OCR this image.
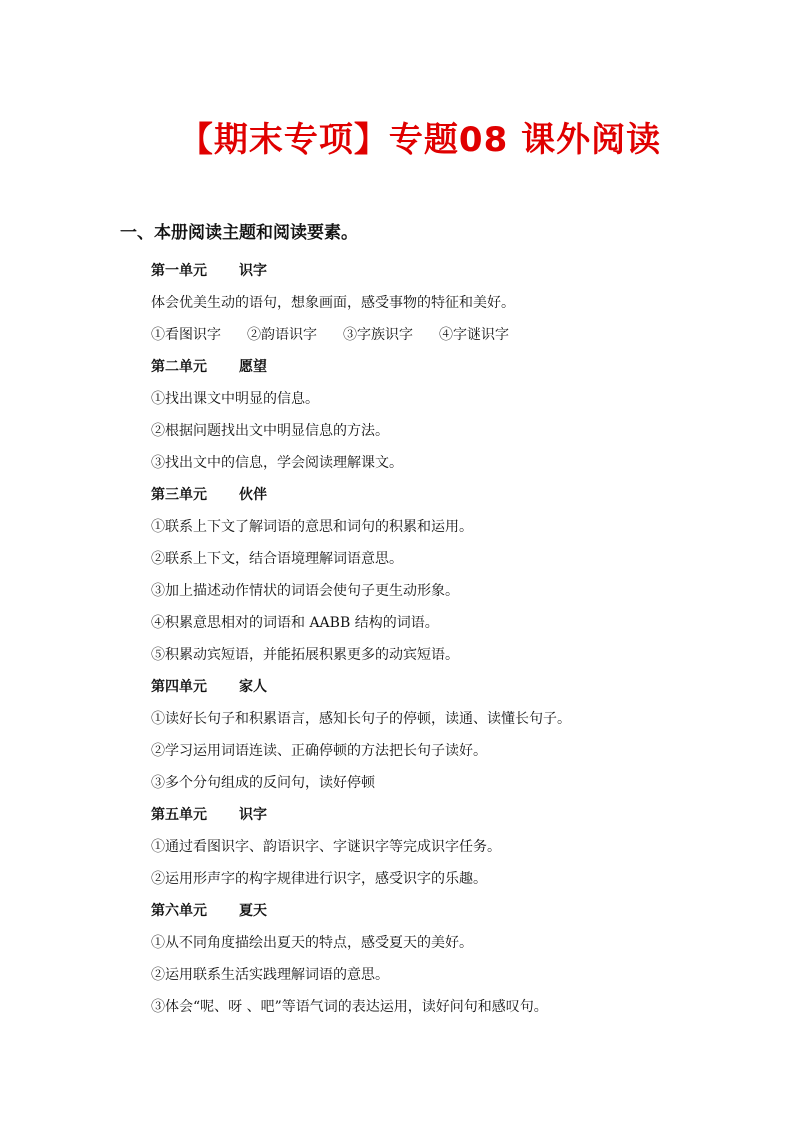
【期末专项】专题08 课外阅读
一、本册阅读主题和阅读要素。
第一单元 识字
体会优美生动的语句，想象画面，感受事物的特征和美好。
①看图识字 ②韵语识字 ③字族识字 ④字谜识字
第二单元 愿望
①找出课文中明显的信息。
②根据问题找出文中明显信息的方法。
③找出文中的信息，学会阅读理解课文。
第三单元 伙伴
①联系上下文了解词语的意思和词句的积累和运用。
②联系上下文，结合语境理解词语意思。
③加上描述动作情状的词语会使句子更生动形象。
④积累意思相对的词语和 AABB 结构的词语。
⑤积累动宾短语，并能拓展积累更多的动宾短语。
第四单元 家人
①读好长句子和积累语言，感知长句子的停顿，读通、读懂长句子。
②学习运用词语连读、正确停顿的方法把长句子读好。
③多个分句组成的反问句，读好停顿
第五单元 识字
①通过看图识字、韵语识字、字谜识字等完成识字任务。
②运用形声字的构字规律进行识字，感受识字的乐趣。
第六单元 夏天
①从不同角度描绘出夏天的特点，感受夏天的美好。
②运用联系生活实践理解词语的意思。
③体会“呢、呀 、吧”等语气词的表达运用，读好问句和感叹句。
